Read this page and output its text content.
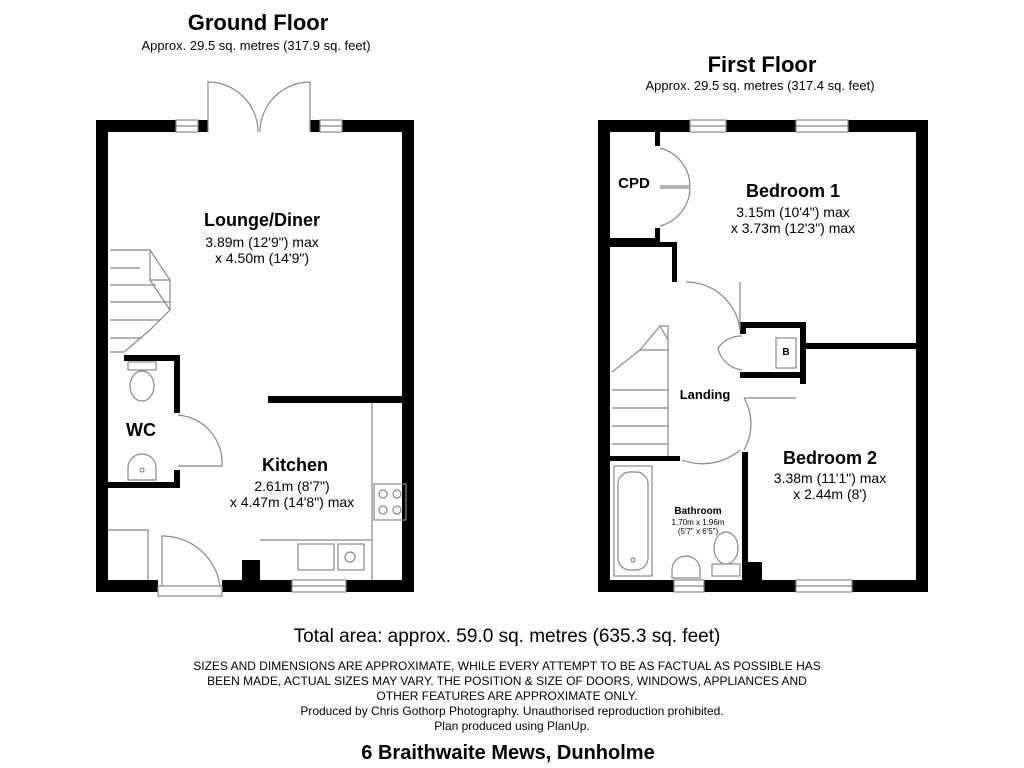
Ground Floor
Approx. 29.5 sq. metres (317.9 sq. feet)
Lounge/Diner
3.89m (12'9") max
x 4.50m (14'9")
WC
Kitchen
2.61m (8'7")
x 4.47m (14'8") max
First Floor
Approx. 29.5 sq. metres (317.4 sq. feet)
CPD	Bedroom 1
3.15m (10'4") max
x 3.73m (12'3") max
B
Landing
Bedroom 2
3.38m (11'1") max
x 2.44m (8')
Bathroom
1.70m x 1.96m
(5'7" x 6'5")
Total area: approx. 59.0 sq. metres (635.3 sq. feet)
SIZES AND DIMENSIONS ARE APPROXIMATE, WHILE EVERY ATTEMPT TO BE AS FACTUAL AS POSSIBLE HAS
BEEN MADE, ACTUAL SIZES MAY VARY. THE POSITION & SIZE OF DOORS, WINDOWS, APPLIANCES AND
OTHER FEATURES ARE APPROXIMATE ONLY.
Produced by Chris Gothorp Photography. Unauthorised reproduction prohibited.
Plan produced using PlanUp.
6 Braithwaite Mews, Dunholme
